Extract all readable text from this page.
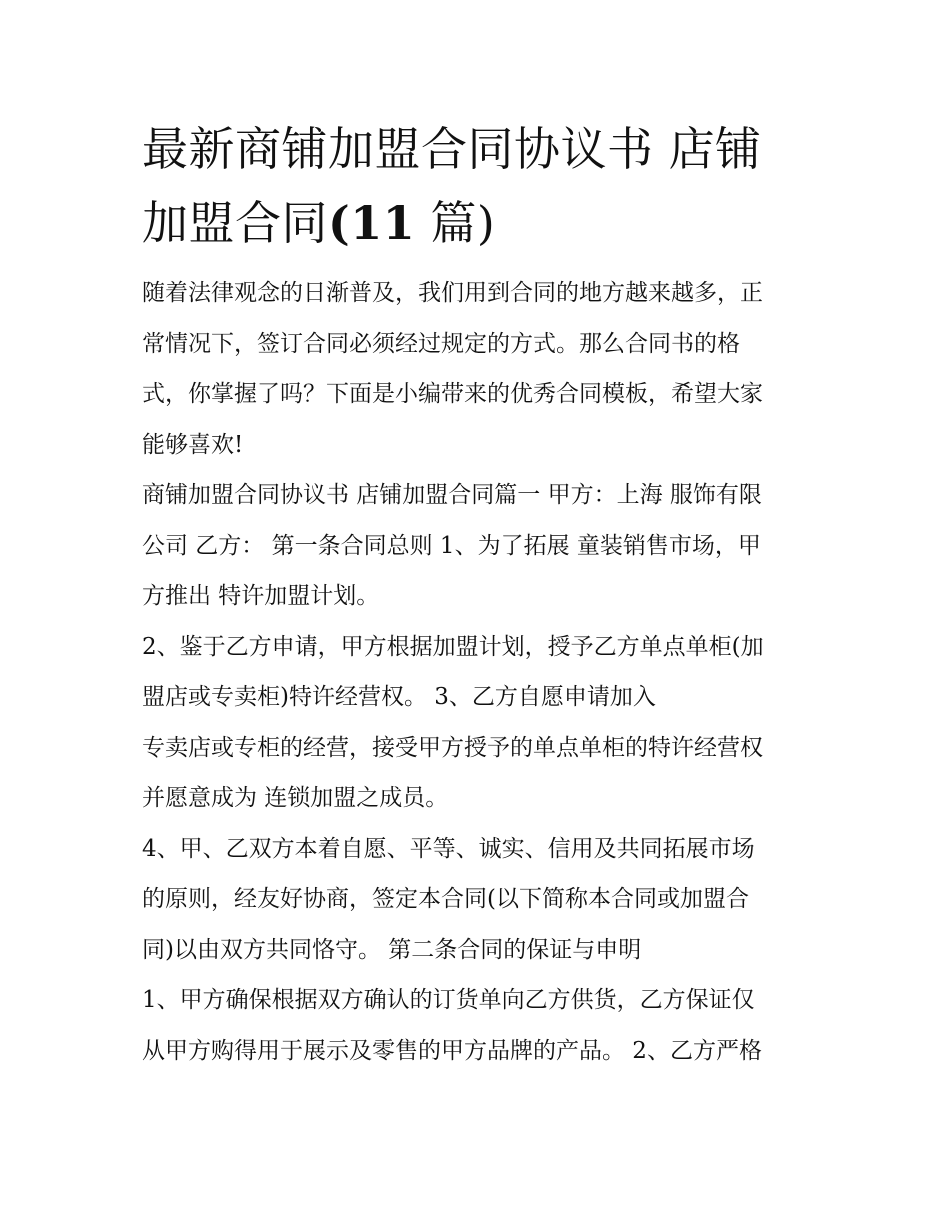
最新商铺加盟合同协议书 店铺
加盟合同(11 篇)

随着法律观念的日渐普及，我们用到合同的地方越来越多，正
常情况下，签订合同必须经过规定的方式。那么合同书的格
式，你掌握了吗？下面是小编带来的优秀合同模板，希望大家
能够喜欢!

商铺加盟合同协议书 店铺加盟合同篇一 甲方：上海 服饰有限
公司 乙方： 第一条合同总则 1、为了拓展 童装销售市场，甲
方推出 特许加盟计划。

2、鉴于乙方申请，甲方根据加盟计划，授予乙方单点单柜(加
盟店或专卖柜)特许经营权。 3、乙方自愿申请加入
专卖店或专柜的经营，接受甲方授予的单点单柜的特许经营权
并愿意成为 连锁加盟之成员。

4、甲、乙双方本着自愿、平等、诚实、信用及共同拓展市场
的原则，经友好协商，签定本合同(以下简称本合同或加盟合
同)以由双方共同恪守。 第二条合同的保证与申明

1、甲方确保根据双方确认的订货单向乙方供货，乙方保证仅
从甲方购得用于展示及零售的甲方品牌的产品。 2、乙方严格
